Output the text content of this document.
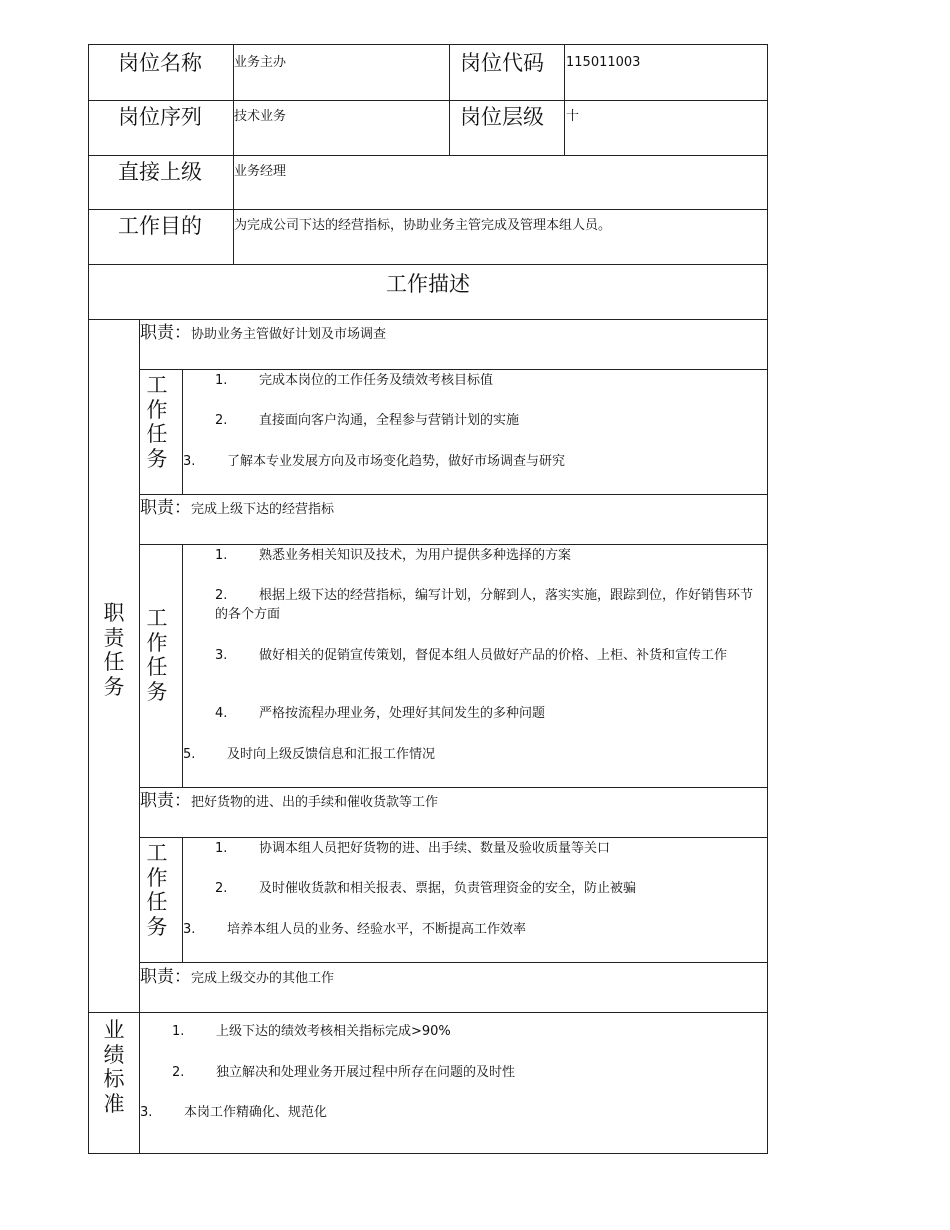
岗位名称 业务主办	岗位代码 115011003
岗位序列 技术业务	岗位层级 十
直接上级 业务经理
工作目的 为完成公司下达的经营指标，协助业务主管完成及管理本组人员。
工作描述
职
责
任
务
工
作
任
务
工
作
任
务
工
作
任
务
业
绩
标
准
职责：协助业务主管做好计划及市场调查
职责：完成上级下达的经营指标
职责：把好货物的进、出的手续和催收货款等工作
职责：完成上级交办的其他工作
1. 完成本岗位的工作任务及绩效考核目标值
2. 直接面向客户沟通，全程参与营销计划的实施
3. 了解本专业发展方向及市场变化趋势，做好市场调查与研究
1. 熟悉业务相关知识及技术，为用户提供多种选择的方案
2. 根据上级下达的经营指标，编写计划，分解到人，落实实施，跟踪到位，作好销售环节的各个方面
3. 做好相关的促销宣传策划，督促本组人员做好产品的价格、上柜、补货和宣传工作
4. 严格按流程办理业务，处理好其间发生的多种问题
5. 及时向上级反馈信息和汇报工作情况
1. 协调本组人员把好货物的进、出手续、数量及验收质量等关口
2. 及时催收货款和相关报表、票据，负责管理资金的安全，防止被骗
3. 培养本组人员的业务、经验水平，不断提高工作效率
1. 上级下达的绩效考核相关指标完成>90%
2. 独立解决和处理业务开展过程中所存在问题的及时性
3. 本岗工作精确化、规范化
